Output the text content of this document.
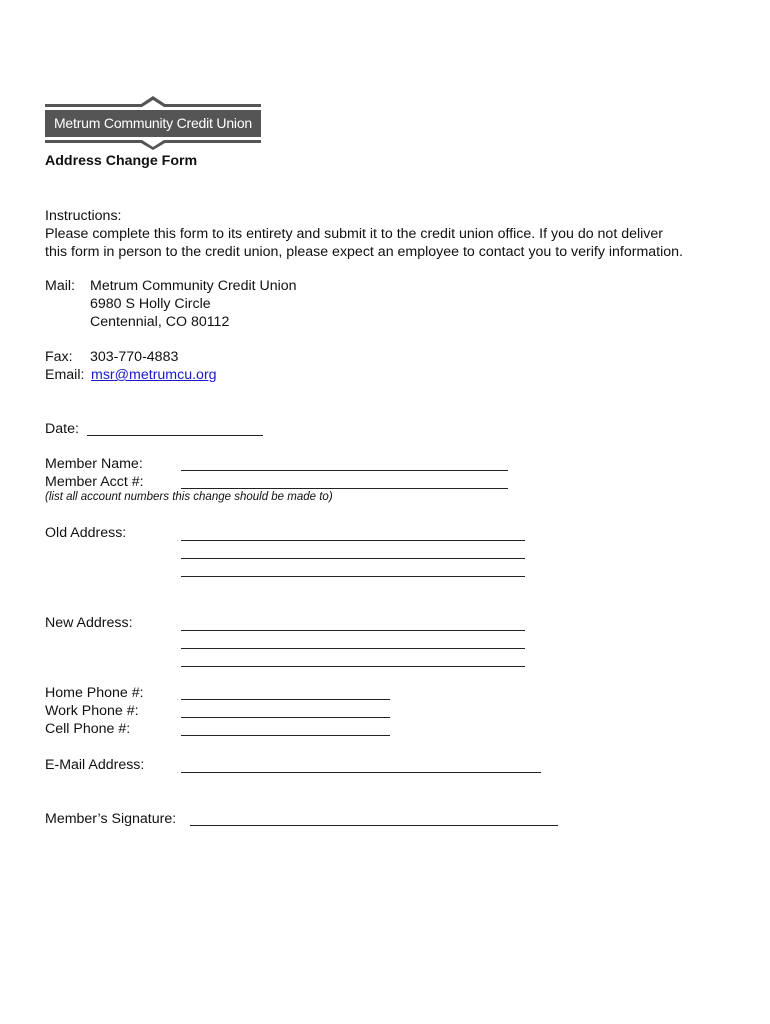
Metrum Community Credit Union
Address Change Form
Instructions:
Please complete this form to its entirety and submit it to the credit union office. If you do not deliver
this form in person to the credit union, please expect an employee to contact you to verify information.
Mail: Metrum Community Credit Union
6980 S Holly Circle
Centennial, CO 80112
Fax: 303-770-4883
Email: msr@metrumcu.org
Date:
Member Name:
Member Acct #:
(list all account numbers this change should be made to)
Old Address:
New Address:
Home Phone #:
Work Phone #:
Cell Phone #:
E-Mail Address:
Member’s Signature:
